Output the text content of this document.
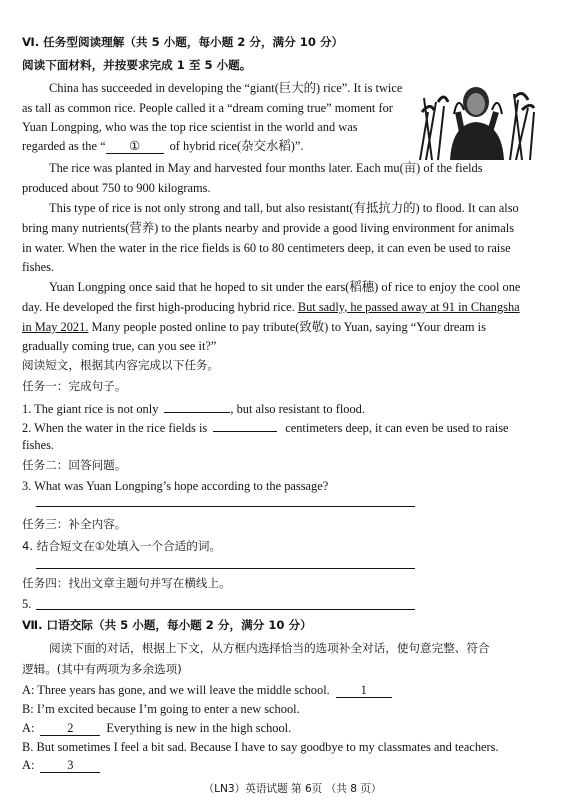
Ⅵ. 任务型阅读理解（共 5 小题，每小题 2 分，满分 10 分）
阅读下面材料，并按要求完成 1 至 5 小题。
China has succeeded in developing the “giant(巨大的) rice”. It is twice
as tall as common rice. People called it a “dream coming true” moment for
Yuan Longping, who was the top rice scientist in the world and was
regarded as the “ ① of hybrid rice(杂交水稻)”.
The rice was planted in May and harvested four months later. Each mu(亩) of the fields
produced about 750 to 900 kilograms.
This type of rice is not only strong and tall, but also resistant(有抵抗力的) to flood. It can also
bring many nutrients(营养) to the plants nearby and provide a good living environment for animals
in water. When the water in the rice fields is 60 to 80 centimeters deep, it can even be used to raise
fishes.
Yuan Longping once said that he hoped to sit under the ears(稻穗) of rice to enjoy the cool one
day. He developed the first high-producing hybrid rice. But sadly, he passed away at 91 in Changsha
in May 2021. Many people posted online to pay tribute(致敬) to Yuan, saying “Your dream is
gradually coming true, can you see it?”
阅读短文，根据其内容完成以下任务。
任务一：完成句子。
1. The giant rice is not only	, but also resistant to flood.
2. When the water in the rice fields is	centimeters deep, it can even be used to raise
fishes.
任务二：回答问题。
3. What was Yuan Longping’s hope according to the passage?
任务三：补全内容。
4. 结合短文在①处填入一个合适的词。
任务四：找出文章主题句并写在横线上。
5.
Ⅶ. 口语交际（共 5 小题，每小题 2 分，满分 10 分）
阅读下面的对话，根据上下文，从方框内选择恰当的选项补全对话，使句意完整、符合
逻辑。(其中有两项为多余选项)
A: Three years has gone, and we will leave the middle school. 1
B: I’m excited because I’m going to enter a new school.
A:	2	Everything is new in the high school.
B. But sometimes I feel a bit sad. Because I have to say goodbye to my classmates and teachers.
A:	3
（LN3）英语试题 第 6页 （共 8 页）
